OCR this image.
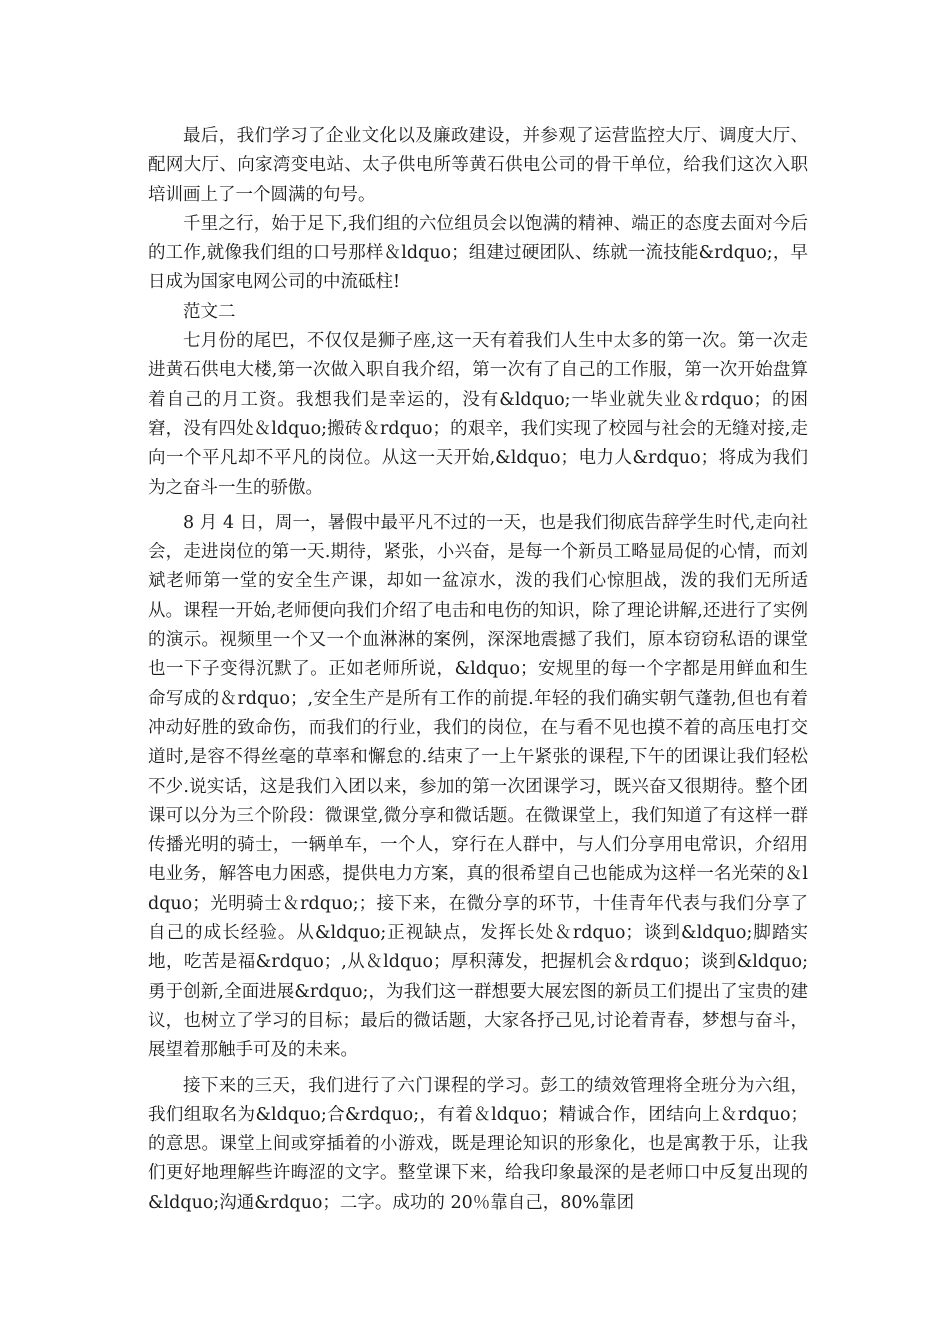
最后，我们学习了企业文化以及廉政建设，并参观了运营监控大厅、调度大厅、配网大厅、向家湾变电站、太子供电所等黄石供电公司的骨干单位，给我们这次入职培训画上了一个圆满的句号。

千里之行，始于足下,我们组的六位组员会以饱满的精神、端正的态度去面对今后的工作,就像我们组的口号那样＆ldquo；组建过硬团队、练就一流技能&rdquo;，早日成为国家电网公司的中流砥柱!

范文二

七月份的尾巴，不仅仅是狮子座,这一天有着我们人生中太多的第一次。第一次走进黄石供电大楼,第一次做入职自我介绍，第一次有了自己的工作服，第一次开始盘算着自己的月工资。我想我们是幸运的，没有&ldquo;一毕业就失业＆rdquo；的困窘，没有四处＆ldquo;搬砖＆rdquo；的艰辛，我们实现了校园与社会的无缝对接,走向一个平凡却不平凡的岗位。从这一天开始,&ldquo；电力人&rdquo；将成为我们为之奋斗一生的骄傲。

8 月 4 日，周一，暑假中最平凡不过的一天，也是我们彻底告辞学生时代,走向社会，走进岗位的第一天.期待，紧张，小兴奋，是每一个新员工略显局促的心情，而刘斌老师第一堂的安全生产课，却如一盆凉水，泼的我们心惊胆战，泼的我们无所适从。课程一开始,老师便向我们介绍了电击和电伤的知识，除了理论讲解,还进行了实例的演示。视频里一个又一个血淋淋的案例，深深地震撼了我们，原本窃窃私语的课堂也一下子变得沉默了。正如老师所说，&ldquo；安规里的每一个字都是用鲜血和生命写成的＆rdquo；,安全生产是所有工作的前提.年轻的我们确实朝气蓬勃,但也有着冲动好胜的致命伤，而我们的行业，我们的岗位，在与看不见也摸不着的高压电打交道时,是容不得丝毫的草率和懈怠的.结束了一上午紧张的课程,下午的团课让我们轻松不少.说实话，这是我们入团以来，参加的第一次团课学习，既兴奋又很期待。整个团课可以分为三个阶段：微课堂,微分享和微话题。在微课堂上，我们知道了有这样一群传播光明的骑士，一辆单车，一个人，穿行在人群中，与人们分享用电常识，介绍用电业务，解答电力困惑，提供电力方案，真的很希望自己也能成为这样一名光荣的＆ldquo；光明骑士＆rdquo;；接下来，在微分享的环节，十佳青年代表与我们分享了自己的成长经验。从&ldquo;正视缺点，发挥长处＆rdquo；谈到&ldquo;脚踏实地，吃苦是福&rdquo；,从＆ldquo；厚积薄发，把握机会＆rdquo；谈到&ldquo;勇于创新,全面进展&rdquo;，为我们这一群想要大展宏图的新员工们提出了宝贵的建议，也树立了学习的目标；最后的微话题，大家各抒己见,讨论着青春，梦想与奋斗，展望着那触手可及的未来。

接下来的三天，我们进行了六门课程的学习。彭工的绩效管理将全班分为六组，我们组取名为&ldquo;合&rdquo;，有着＆ldquo；精诚合作，团结向上＆rdquo；的意思。课堂上间或穿插着的小游戏，既是理论知识的形象化，也是寓教于乐，让我们更好地理解些许晦涩的文字。整堂课下来，给我印象最深的是老师口中反复出现的&ldquo;沟通&rdquo；二字。成功的 20％靠自己，80%靠团
